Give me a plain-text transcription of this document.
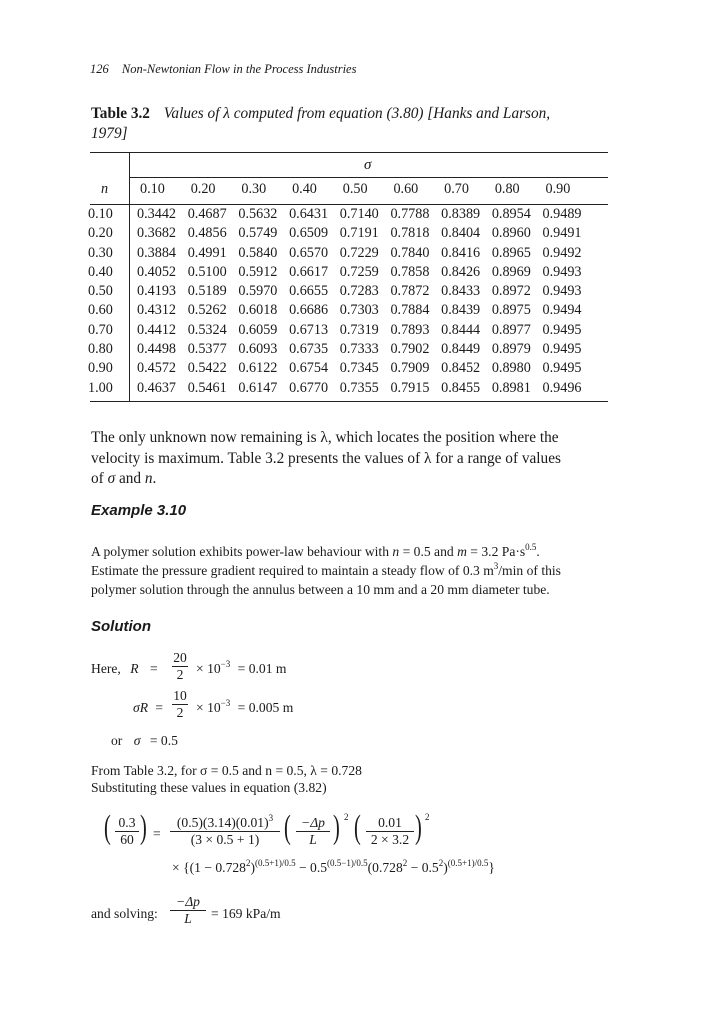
126 Non-Newtonian Flow in the Process Industries
Table 3.2 Values of λ computed from equation (3.80) [Hanks and Larson,
1979]
σ
n	0.10	0.20	0.30	0.40	0.50	0.60	0.70	0.80	0.90
0.10	0.3442 0.4687 0.5632 0.6431 0.7140 0.7788 0.8389 0.8954 0.9489
0.20	0.3682 0.4856 0.5749 0.6509 0.7191 0.7818 0.8404 0.8960 0.9491
0.30	0.3884 0.4991 0.5840 0.6570 0.7229 0.7840 0.8416 0.8965 0.9492
0.40	0.4052 0.5100 0.5912 0.6617 0.7259 0.7858 0.8426 0.8969 0.9493
0.50	0.4193 0.5189 0.5970 0.6655 0.7283 0.7872 0.8433 0.8972 0.9493
0.60	0.4312 0.5262 0.6018 0.6686 0.7303 0.7884 0.8439 0.8975 0.9494
0.70	0.4412 0.5324 0.6059 0.6713 0.7319 0.7893 0.8444 0.8977 0.9495
0.80	0.4498 0.5377 0.6093 0.6735 0.7333 0.7902 0.8449 0.8979 0.9495
0.90	0.4572 0.5422 0.6122 0.6754 0.7345 0.7909 0.8452 0.8980 0.9495
1.00	0.4637 0.5461 0.6147 0.6770 0.7355 0.7915 0.8455 0.8981 0.9496
The only unknown now remaining is λ, which locates the position where the
velocity is maximum. Table 3.2 presents the values of λ for a range of values
of σ and n.
Example 3.10
A polymer solution exhibits power-law behaviour with n = 0.5 and m = 3.2 $Pa\cdot s^{0.5}$.
Estimate the pressure gradient required to maintain a steady flow of 0.3 $m^3/\min$ of this
polymer solution through the annulus between a 10 mm and a 20 mm diameter tube.
Solution
Here, $R = \frac{20}{2} \times 10^{-3} = 0.01$ m
$\sigma R = \frac{10}{2} \times 10^{-3} = 0.005$ m
or σ = 0.5
From Table 3.2, for σ = 0.5 and n = 0.5, λ = 0.728
Substituting these values in equation (3.82)
( $\frac{0.3}{60}$ ) = $\frac{(0.5)(3.14)(0.01)^3}{(3 \times 0.5 + 1)}$ ( $\frac{-\Delta p}{L}$ ) 2 ( $\frac{0.01}{2 \times 3.2}$ ) 2
× $\{(1 - 0.728^2)^{(0.5+1)/0.5} - 0.5^{(0.5-1)/0.5}(0.728^2 - 0.5^2)^{(0.5+1)/0.5}\}$
and solving: $\frac{-\Delta p}{L} = 169$ kPa/m
